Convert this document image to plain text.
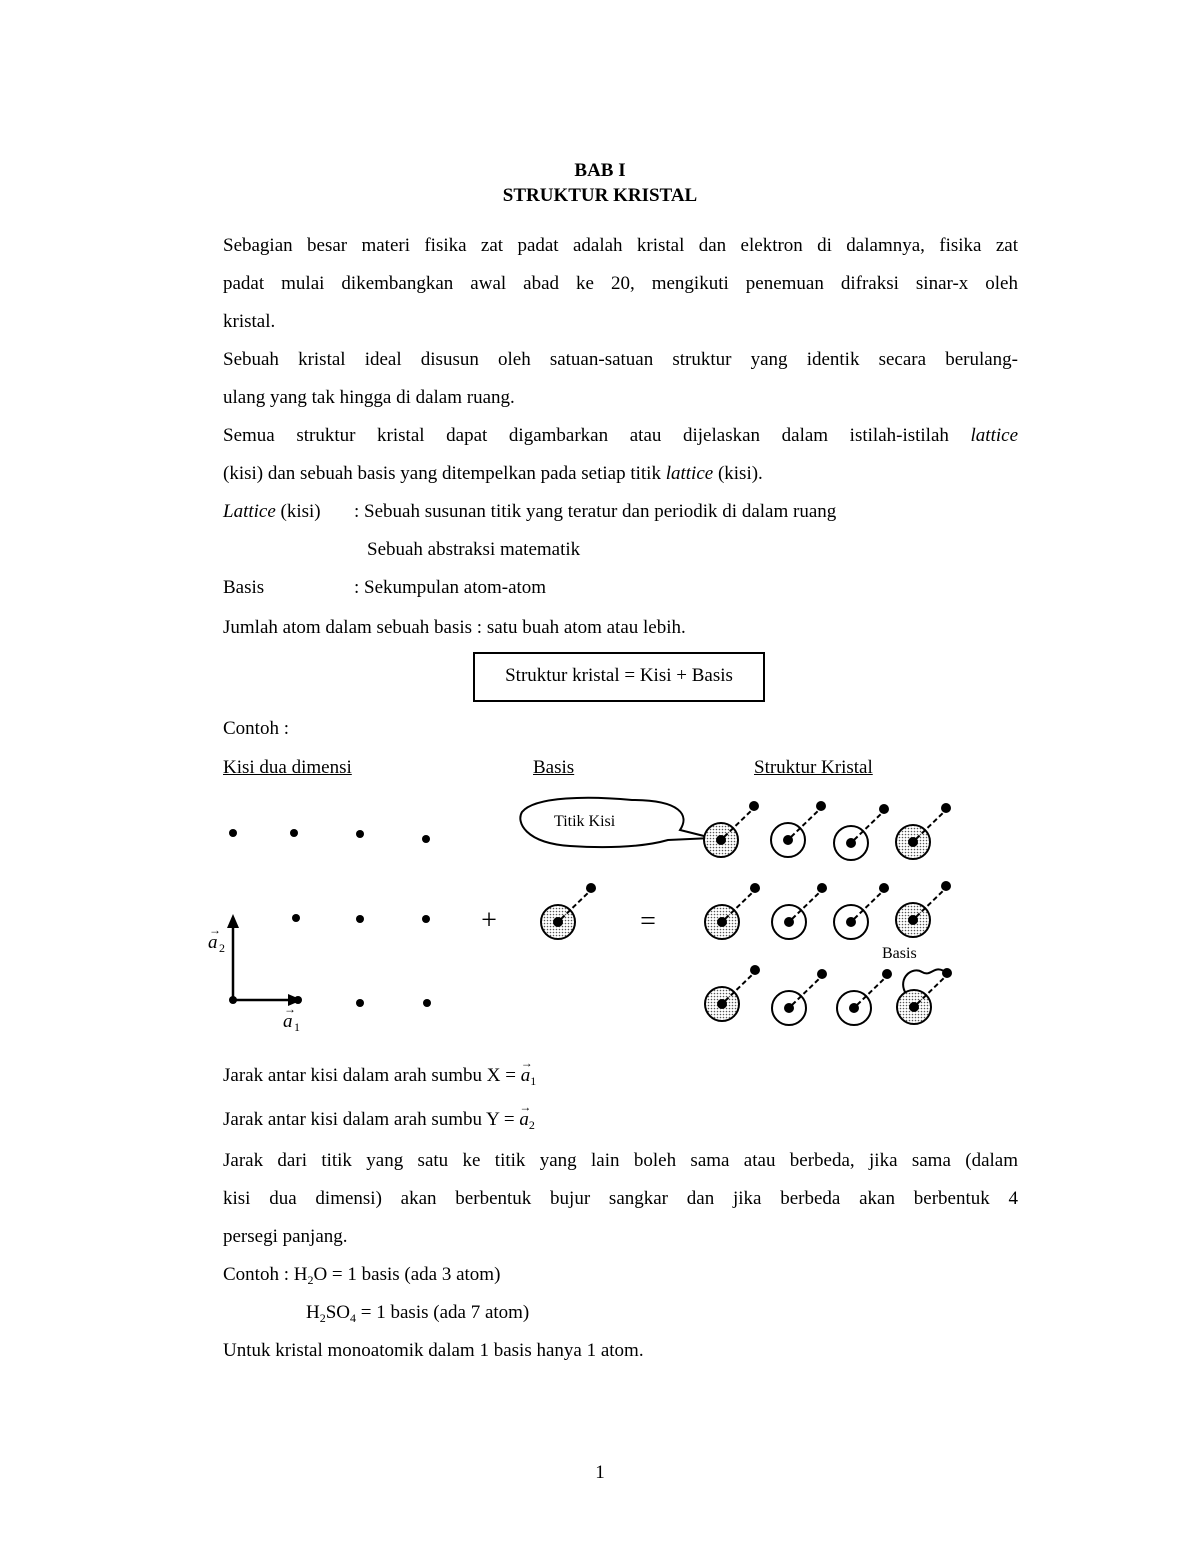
BAB I
STRUKTUR KRISTAL
Sebagian besar materi fisika zat padat adalah kristal dan elektron di dalamnya, fisika zat
padat mulai dikembangkan awal abad ke 20, mengikuti penemuan difraksi sinar-x oleh
kristal.
Sebuah kristal ideal disusun oleh satuan-satuan struktur yang identik secara berulang-
ulang yang tak hingga di dalam ruang.
Semua struktur kristal dapat digambarkan atau dijelaskan dalam istilah-istilah lattice
(kisi) dan sebuah basis yang ditempelkan pada setiap titik lattice (kisi).
Lattice (kisi) : Sebuah susunan titik yang teratur dan periodik di dalam ruang
Sebuah abstraksi matematik
Basis	: Sekumpulan atom-atom
Jumlah atom dalam sebuah basis : satu buah atom atau lebih.
Struktur kristal = Kisi + Basis
Contoh :
Kisi dua dimensi	Basis	Struktur Kristal
a
→
2
a
→
1
+	=
Titik Kisi
Basis
Jarak antar kisi dalam arah sumbu X = → $a_1$
Jarak antar kisi dalam arah sumbu Y = → $a_2$
Jarak dari titik yang satu ke titik yang lain boleh sama atau berbeda, jika sama (dalam
kisi dua dimensi) akan berbentuk bujur sangkar dan jika berbeda akan berbentuk 4
persegi panjang.
Contoh : $H_2O = 1$ basis (ada 3 atom)
$H_2SO_4 = 1$ basis (ada 7 atom)
Untuk kristal monoatomik dalam 1 basis hanya 1 atom.
1
